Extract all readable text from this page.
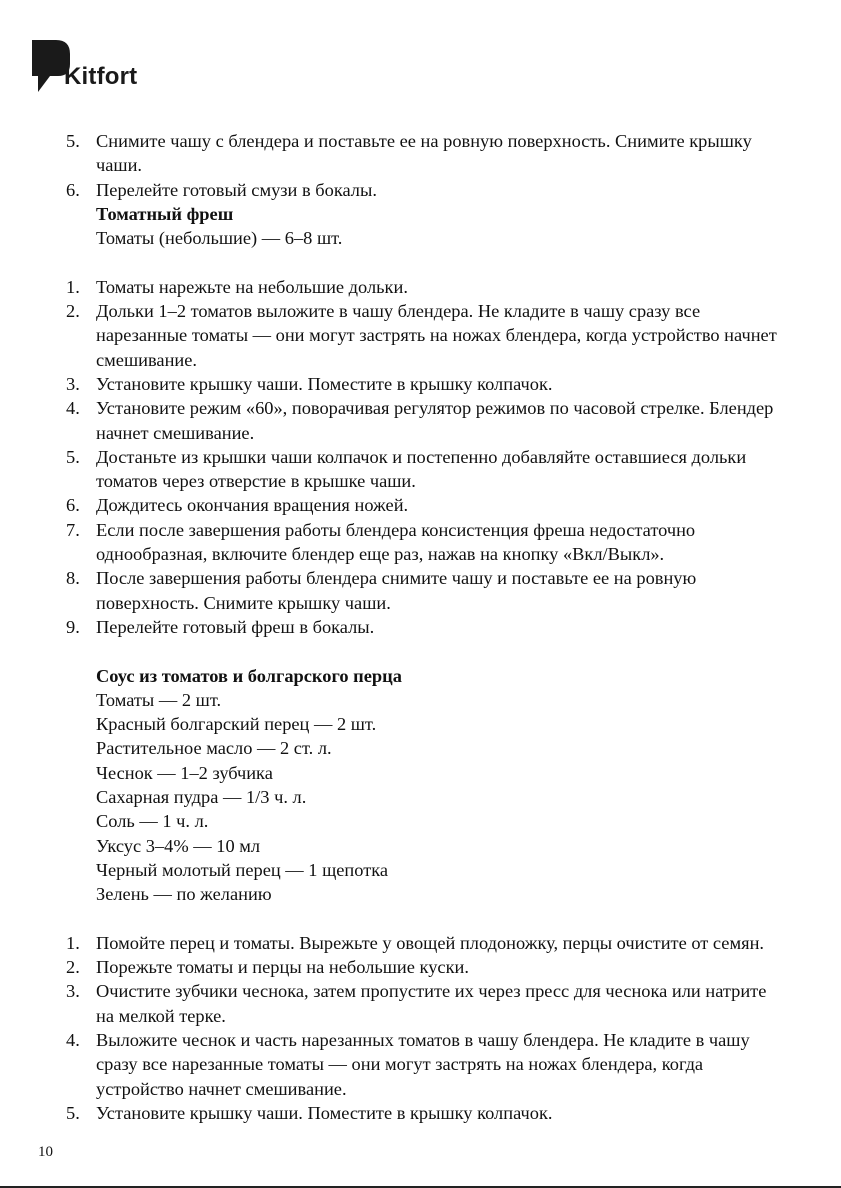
Kitfort
5. Снимите чашу с блендера и поставьте ее на ровную поверхность. Снимите крышку чаши.
6. Перелейте готовый смузи в бокалы.
Томатный фреш
Томаты (небольшие) — 6–8 шт.
1. Томаты нарежьте на небольшие дольки.
2. Дольки 1–2 томатов выложите в чашу блендера. Не кладите в чашу сразу все нарезанные томаты — они могут застрять на ножах блендера, когда устройство начнет смешивание.
3. Установите крышку чаши. Поместите в крышку колпачок.
4. Установите режим «60», поворачивая регулятор режимов по часовой стрелке. Блендер начнет смешивание.
5. Достаньте из крышки чаши колпачок и постепенно добавляйте оставшиеся дольки томатов через отверстие в крышке чаши.
6. Дождитесь окончания вращения ножей.
7. Если после завершения работы блендера консистенция фреша недостаточно однообразная, включите блендер еще раз, нажав на кнопку «Вкл/Выкл».
8. После завершения работы блендера снимите чашу и поставьте ее на ровную поверхность. Снимите крышку чаши.
9. Перелейте готовый фреш в бокалы.
Соус из томатов и болгарского перца
Томаты — 2 шт.
Красный болгарский перец — 2 шт.
Растительное масло — 2 ст. л.
Чеснок — 1–2 зубчика
Сахарная пудра — 1/3 ч. л.
Соль — 1 ч. л.
Уксус 3–4% — 10 мл
Черный молотый перец — 1 щепотка
Зелень — по желанию
1. Помойте перец и томаты. Вырежьте у овощей плодоножку, перцы очистите от семян.
2. Порежьте томаты и перцы на небольшие куски.
3. Очистите зубчики чеснока, затем пропустите их через пресс для чеснока или натрите на мелкой терке.
4. Выложите чеснок и часть нарезанных томатов в чашу блендера. Не кладите в чашу сразу все нарезанные томаты — они могут застрять на ножах блендера, когда устройство начнет смешивание.
5. Установите крышку чаши. Поместите в крышку колпачок.
10
